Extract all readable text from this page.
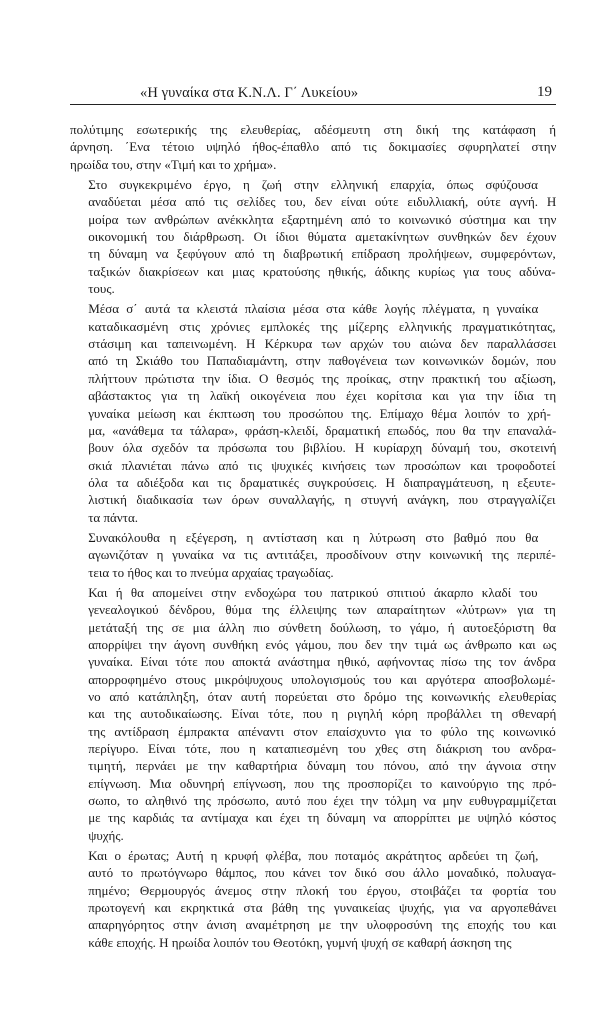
«Η γυναίκα στα Κ.Ν.Λ. Γ΄ Λυκείου»	19

πολύτιμης εσωτερικής της ελευθερίας, αδέσμευτη στη δική της κατάφαση ή
άρνηση. ΄Ενα τέτοιο υψηλό ήθος-έπαθλο από τις δοκιμασίες σφυρηλατεί στην
ηρωίδα του, στην «Τιμή και το χρήμα».

Στο συγκεκριμένο έργο, η ζωή στην ελληνική επαρχία, όπως σφύζουσα
αναδύεται μέσα από τις σελίδες του, δεν είναι ούτε ειδυλλιακή, ούτε αγνή. Η
μοίρα των ανθρώπων ανέκκλητα εξαρτημένη από το κοινωνικό σύστημα και την
οικονομική του διάρθρωση. Οι ίδιοι θύματα αμετακίνητων συνθηκών δεν έχουν
τη δύναμη να ξεφύγουν από τη διαβρωτική επίδραση προλήψεων, συμφερόντων,
ταξικών διακρίσεων και μιας κρατούσης ηθικής, άδικης κυρίως για τους αδύνα-
τους.

Μέσα σ΄ αυτά τα κλειστά πλαίσια μέσα στα κάθε λογής πλέγματα, η γυναίκα
καταδικασμένη στις χρόνιες εμπλοκές της μίζερης ελληνικής πραγματικότητας,
στάσιμη και ταπεινωμένη. Η Κέρκυρα των αρχών του αιώνα δεν παραλλάσσει
από τη Σκιάθο του Παπαδιαμάντη, στην παθογένεια των κοινωνικών δομών, που
πλήττουν πρώτιστα την ίδια. Ο θεσμός της προίκας, στην πρακτική του αξίωση,
αβάστακτος για τη λαϊκή οικογένεια που έχει κορίτσια και για την ίδια τη
γυναίκα μείωση και έκπτωση του προσώπου της. Επίμαχο θέμα λοιπόν το χρή-
μα, «ανάθεμα τα τάλαρα», φράση-κλειδί, δραματική επωδός, που θα την επαναλά-
βουν όλα σχεδόν τα πρόσωπα του βιβλίου. Η κυρίαρχη δύναμή του, σκοτεινή
σκιά πλανιέται πάνω από τις ψυχικές κινήσεις των προσώπων και τροφοδοτεί
όλα τα αδιέξοδα και τις δραματικές συγκρούσεις. Η διαπραγμάτευση, η εξευτε-
λιστική διαδικασία των όρων συναλλαγής, η στυγνή ανάγκη, που στραγγαλίζει
τα πάντα.

Συνακόλουθα η εξέγερση, η αντίσταση και η λύτρωση στο βαθμό που θα
αγωνιζόταν η γυναίκα να τις αντιτάξει, προσδίνουν στην κοινωνική της περιπέ-
τεια το ήθος και το πνεύμα αρχαίας τραγωδίας.

Και ή θα απομείνει στην ενδοχώρα του πατρικού σπιτιού άκαρπο κλαδί του
γενεαλογικού δένδρου, θύμα της έλλειψης των απαραίτητων «λύτρων» για τη
μετάταξή της σε μια άλλη πιο σύνθετη δούλωση, το γάμο, ή αυτοεξόριστη θα
απορρίψει την άγονη συνθήκη ενός γάμου, που δεν την τιμά ως άνθρωπο και ως
γυναίκα. Είναι τότε που αποκτά ανάστημα ηθικό, αφήνοντας πίσω της τον άνδρα
απορροφημένο στους μικρόψυχους υπολογισμούς του και αργότερα αποσβολωμέ-
νο από κατάπληξη, όταν αυτή πορεύεται στο δρόμο της κοινωνικής ελευθερίας
και της αυτοδικαίωσης. Είναι τότε, που η ριγηλή κόρη προβάλλει τη σθεναρή
της αντίδραση έμπρακτα απέναντι στον επαίσχυντο για το φύλο της κοινωνικό
περίγυρο. Είναι τότε, που η καταπιεσμένη του χθες στη διάκριση του ανδρα-
τιμητή, περνάει με την καθαρτήρια δύναμη του πόνου, από την άγνοια στην
επίγνωση. Μια οδυνηρή επίγνωση, που της προσπορίζει το καινούργιο της πρό-
σωπο, το αληθινό της πρόσωπο, αυτό που έχει την τόλμη να μην ευθυγραμμίζεται
με της καρδιάς τα αντίμαχα και έχει τη δύναμη να απορρίπτει με υψηλό κόστος
ψυχής.

Και ο έρωτας; Αυτή η κρυφή φλέβα, που ποταμός ακράτητος αρδεύει τη ζωή,
αυτό το πρωτόγνωρο θάμπος, που κάνει τον δικό σου άλλο μοναδικό, πολυαγα-
πημένο; Θερμουργός άνεμος στην πλοκή του έργου, στοιβάζει τα φορτία του
πρωτογενή και εκρηκτικά στα βάθη της γυναικείας ψυχής, για να αργοπεθάνει
απαρηγόρητος στην άνιση αναμέτρηση με την υλοφροσύνη της εποχής του και
κάθε εποχής. Η ηρωίδα λοιπόν του Θεοτόκη, γυμνή ψυχή σε καθαρή άσκηση της
